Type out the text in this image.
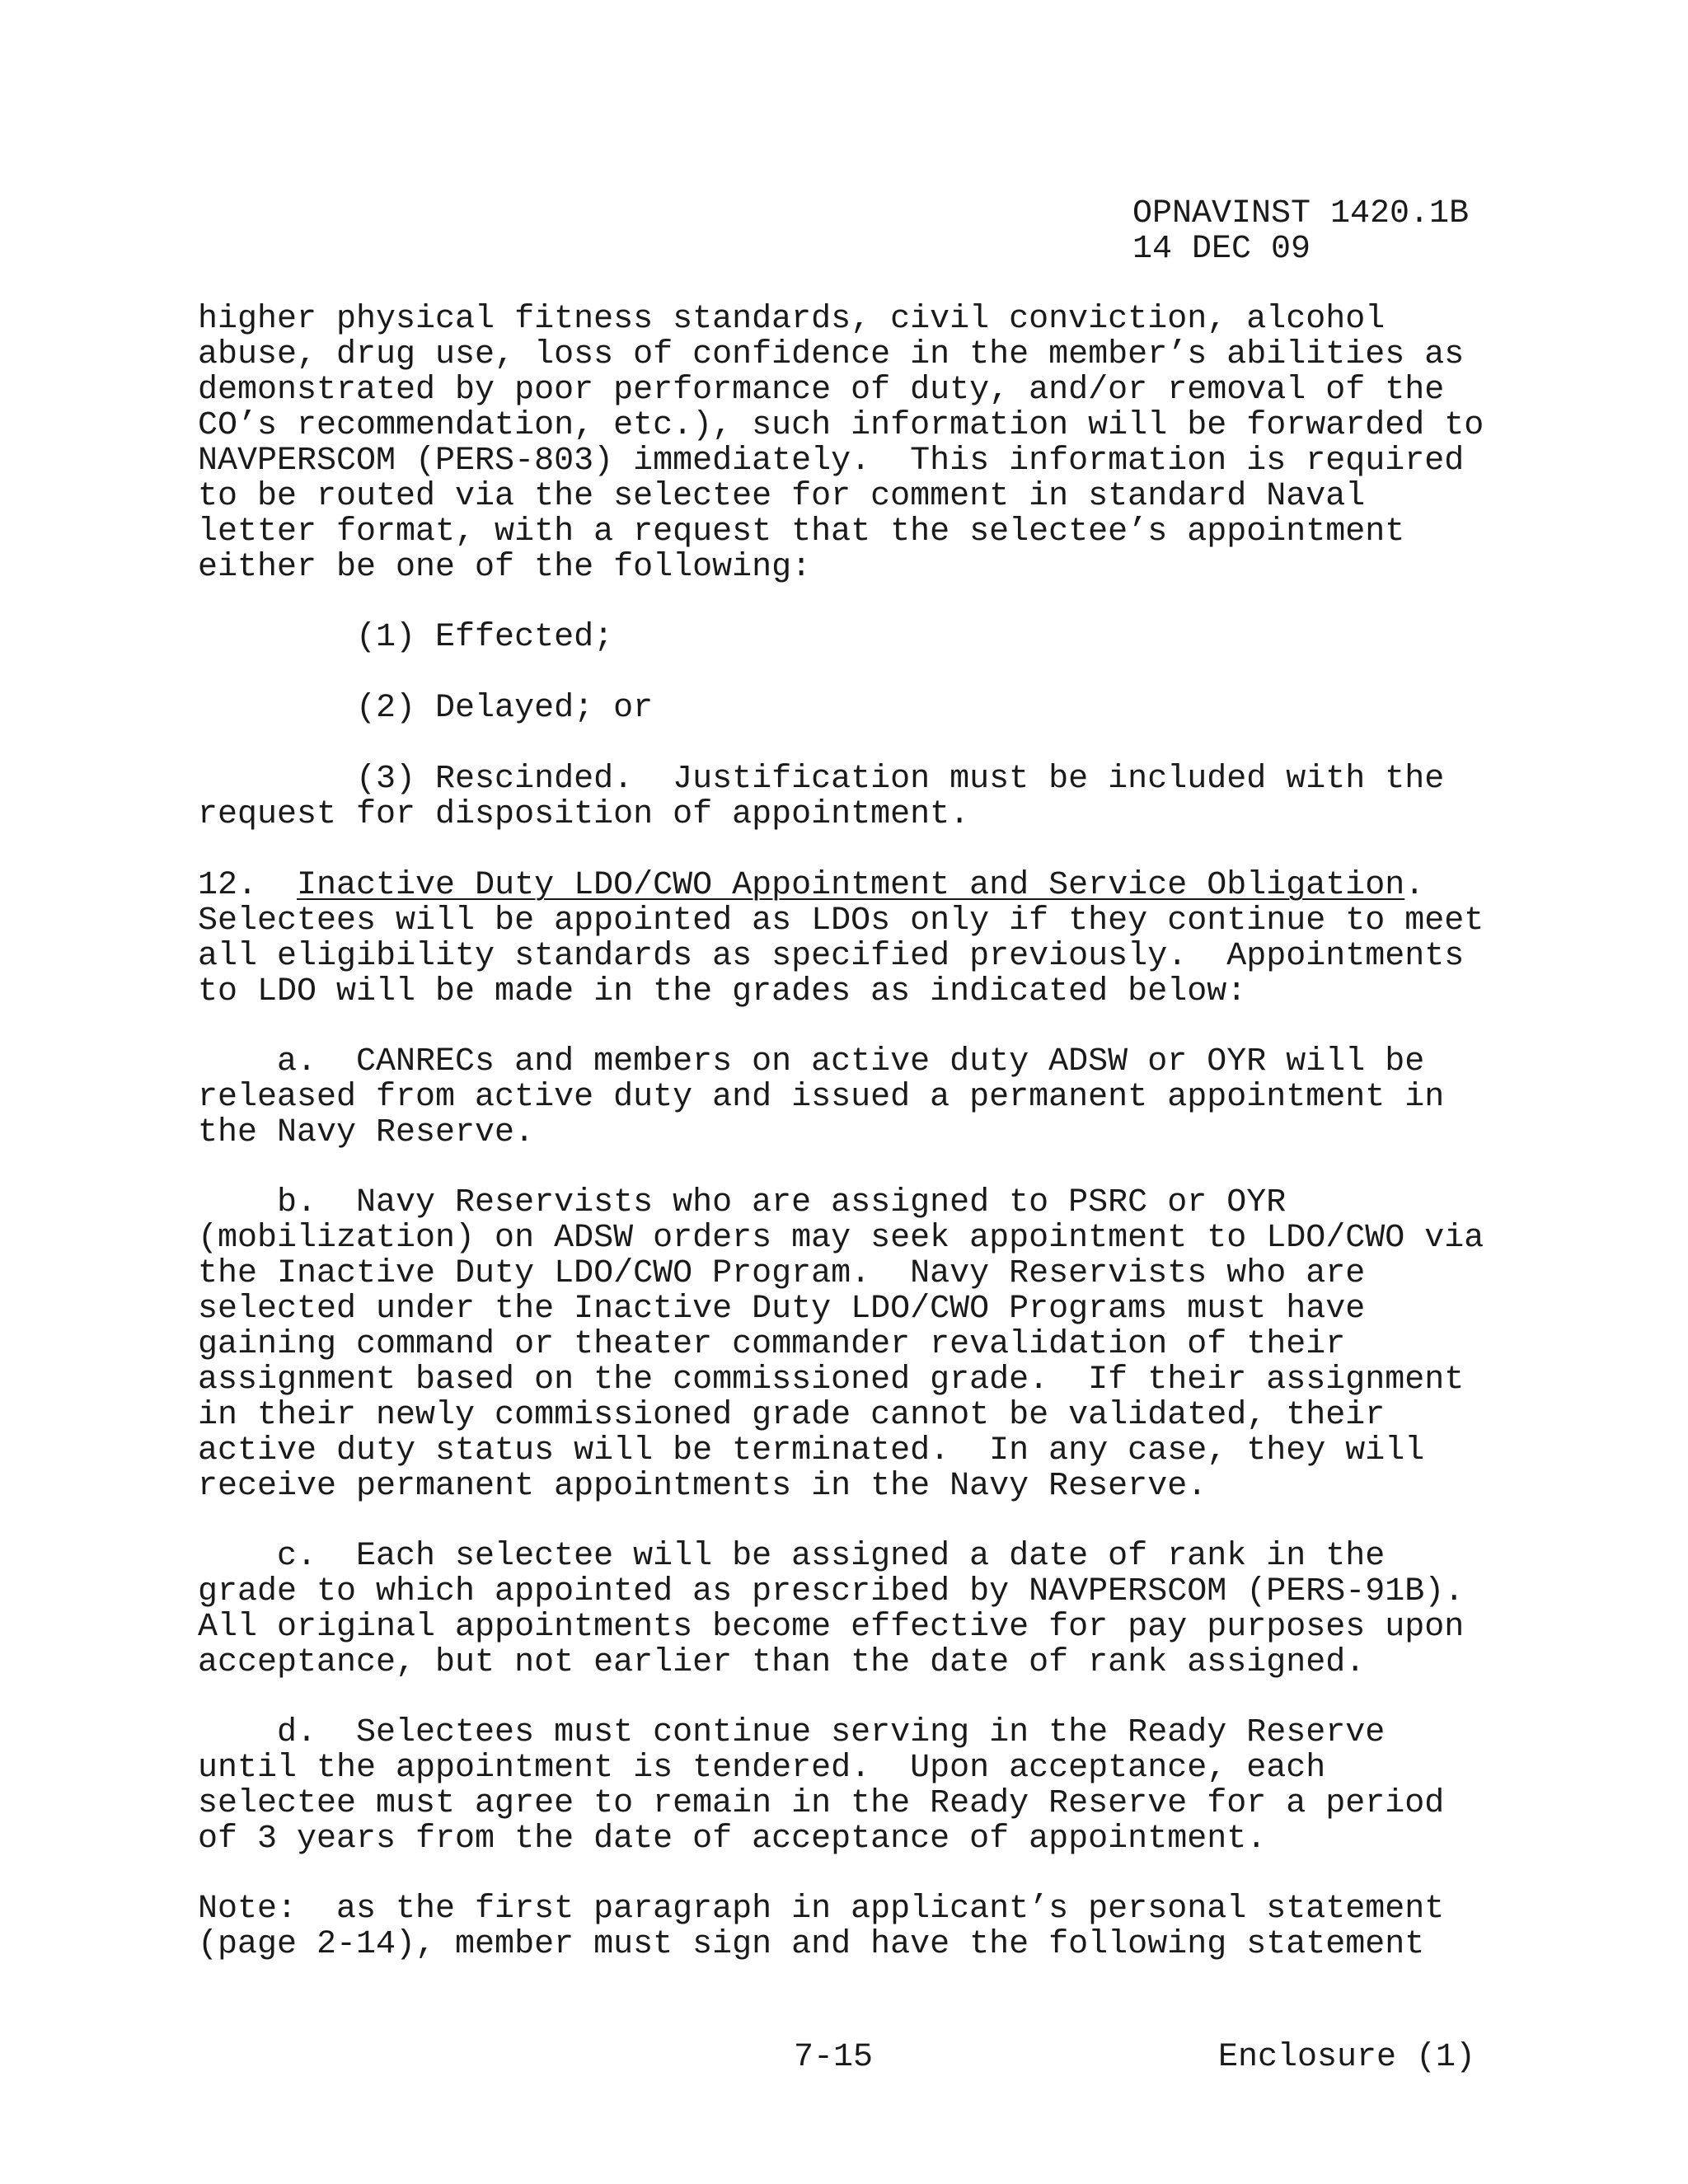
OPNAVINST 1420.1B
14 DEC 09
higher physical fitness standards, civil conviction, alcohol
abuse, drug use, loss of confidence in the member’s abilities as
demonstrated by poor performance of duty, and/or removal of the
CO’s recommendation, etc.), such information will be forwarded to
NAVPERSCOM (PERS-803) immediately.  This information is required
to be routed via the selectee for comment in standard Naval
letter format, with a request that the selectee’s appointment
either be one of the following:
(1) Effected;
(2) Delayed; or
(3) Rescinded.  Justification must be included with the
request for disposition of appointment.
12.  Inactive Duty LDO/CWO Appointment and Service Obligation.
Selectees will be appointed as LDOs only if they continue to meet
all eligibility standards as specified previously.  Appointments
to LDO will be made in the grades as indicated below:
a.  CANRECs and members on active duty ADSW or OYR will be
released from active duty and issued a permanent appointment in
the Navy Reserve.
b.  Navy Reservists who are assigned to PSRC or OYR
(mobilization) on ADSW orders may seek appointment to LDO/CWO via
the Inactive Duty LDO/CWO Program.  Navy Reservists who are
selected under the Inactive Duty LDO/CWO Programs must have
gaining command or theater commander revalidation of their
assignment based on the commissioned grade.  If their assignment
in their newly commissioned grade cannot be validated, their
active duty status will be terminated.  In any case, they will
receive permanent appointments in the Navy Reserve.
c.  Each selectee will be assigned a date of rank in the
grade to which appointed as prescribed by NAVPERSCOM (PERS-91B).
All original appointments become effective for pay purposes upon
acceptance, but not earlier than the date of rank assigned.
d.  Selectees must continue serving in the Ready Reserve
until the appointment is tendered.  Upon acceptance, each
selectee must agree to remain in the Ready Reserve for a period
of 3 years from the date of acceptance of appointment.
Note:  as the first paragraph in applicant’s personal statement
(page 2-14), member must sign and have the following statement
7-15	Enclosure (1)
